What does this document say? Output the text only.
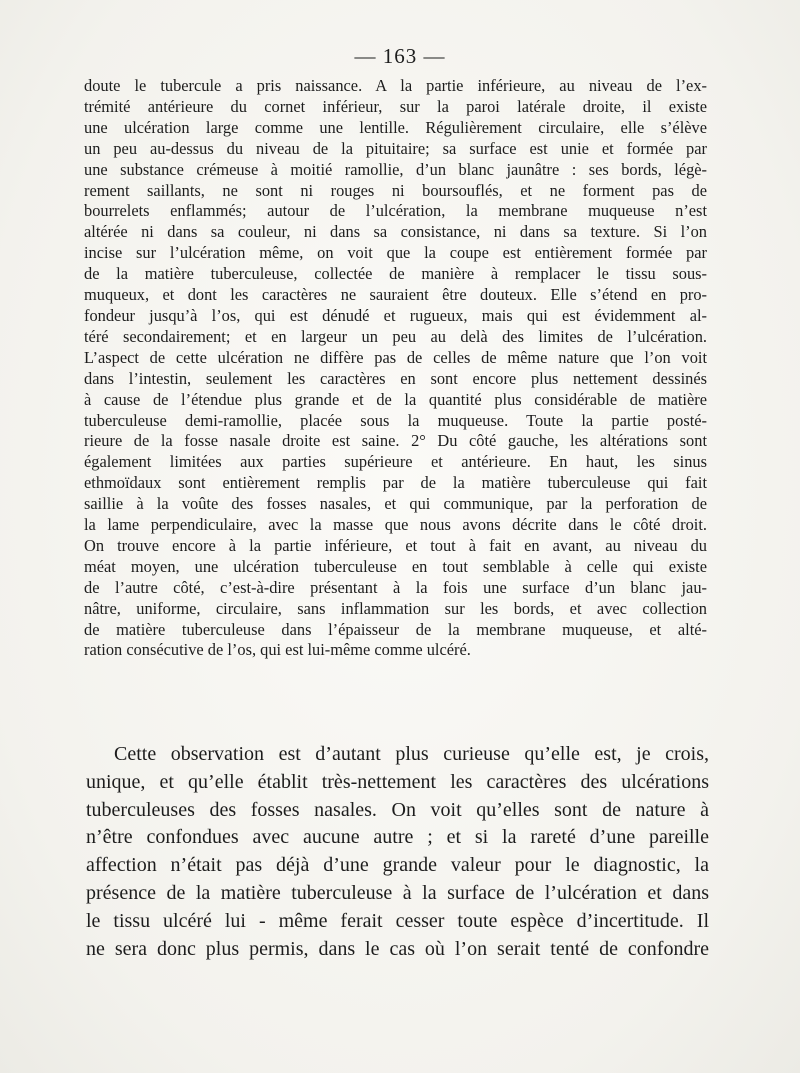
— 163 —
doute le tubercule a pris naissance. A la partie inférieure, au niveau de l’ex-
trémité antérieure du cornet inférieur, sur la paroi latérale droite, il existe
une ulcération large comme une lentille. Régulièrement circulaire, elle s’élève
un peu au-dessus du niveau de la pituitaire; sa surface est unie et formée par
une substance crémeuse à moitié ramollie, d’un blanc jaunâtre : ses bords, légè-
rement saillants, ne sont ni rouges ni boursouflés, et ne forment pas de
bourrelets enflammés; autour de l’ulcération, la membrane muqueuse n’est
altérée ni dans sa couleur, ni dans sa consistance, ni dans sa texture. Si l’on
incise sur l’ulcération même, on voit que la coupe est entièrement formée par
de la matière tuberculeuse, collectée de manière à remplacer le tissu sous-
muqueux, et dont les caractères ne sauraient être douteux. Elle s’étend en pro-
fondeur jusqu’à l’os, qui est dénudé et rugueux, mais qui est évidemment al-
téré secondairement; et en largeur un peu au delà des limites de l’ulcération.
L’aspect de cette ulcération ne diffère pas de celles de même nature que l’on voit
dans l’intestin, seulement les caractères en sont encore plus nettement dessinés
à cause de l’étendue plus grande et de la quantité plus considérable de matière
tuberculeuse demi-ramollie, placée sous la muqueuse. Toute la partie posté-
rieure de la fosse nasale droite est saine. 2° Du côté gauche, les altérations sont
également limitées aux parties supérieure et antérieure. En haut, les sinus
ethmoïdaux sont entièrement remplis par de la matière tuberculeuse qui fait
saillie à la voûte des fosses nasales, et qui communique, par la perforation de
la lame perpendiculaire, avec la masse que nous avons décrite dans le côté droit.
On trouve encore à la partie inférieure, et tout à fait en avant, au niveau du
méat moyen, une ulcération tuberculeuse en tout semblable à celle qui existe
de l’autre côté, c’est-à-dire présentant à la fois une surface d’un blanc jau-
nâtre, uniforme, circulaire, sans inflammation sur les bords, et avec collection
de matière tuberculeuse dans l’épaisseur de la membrane muqueuse, et alté-
ration consécutive de l’os, qui est lui-même comme ulcéré.
Cette observation est d’autant plus curieuse qu’elle est, je crois,
unique, et qu’elle établit très-nettement les caractères des ulcérations
tuberculeuses des fosses nasales. On voit qu’elles sont de nature à
n’être confondues avec aucune autre ; et si la rareté d’une pareille
affection n’était pas déjà d’une grande valeur pour le diagnostic, la
présence de la matière tuberculeuse à la surface de l’ulcération et dans
le tissu ulcéré lui - même ferait cesser toute espèce d’incertitude. Il
ne sera donc plus permis, dans le cas où l’on serait tenté de confondre
